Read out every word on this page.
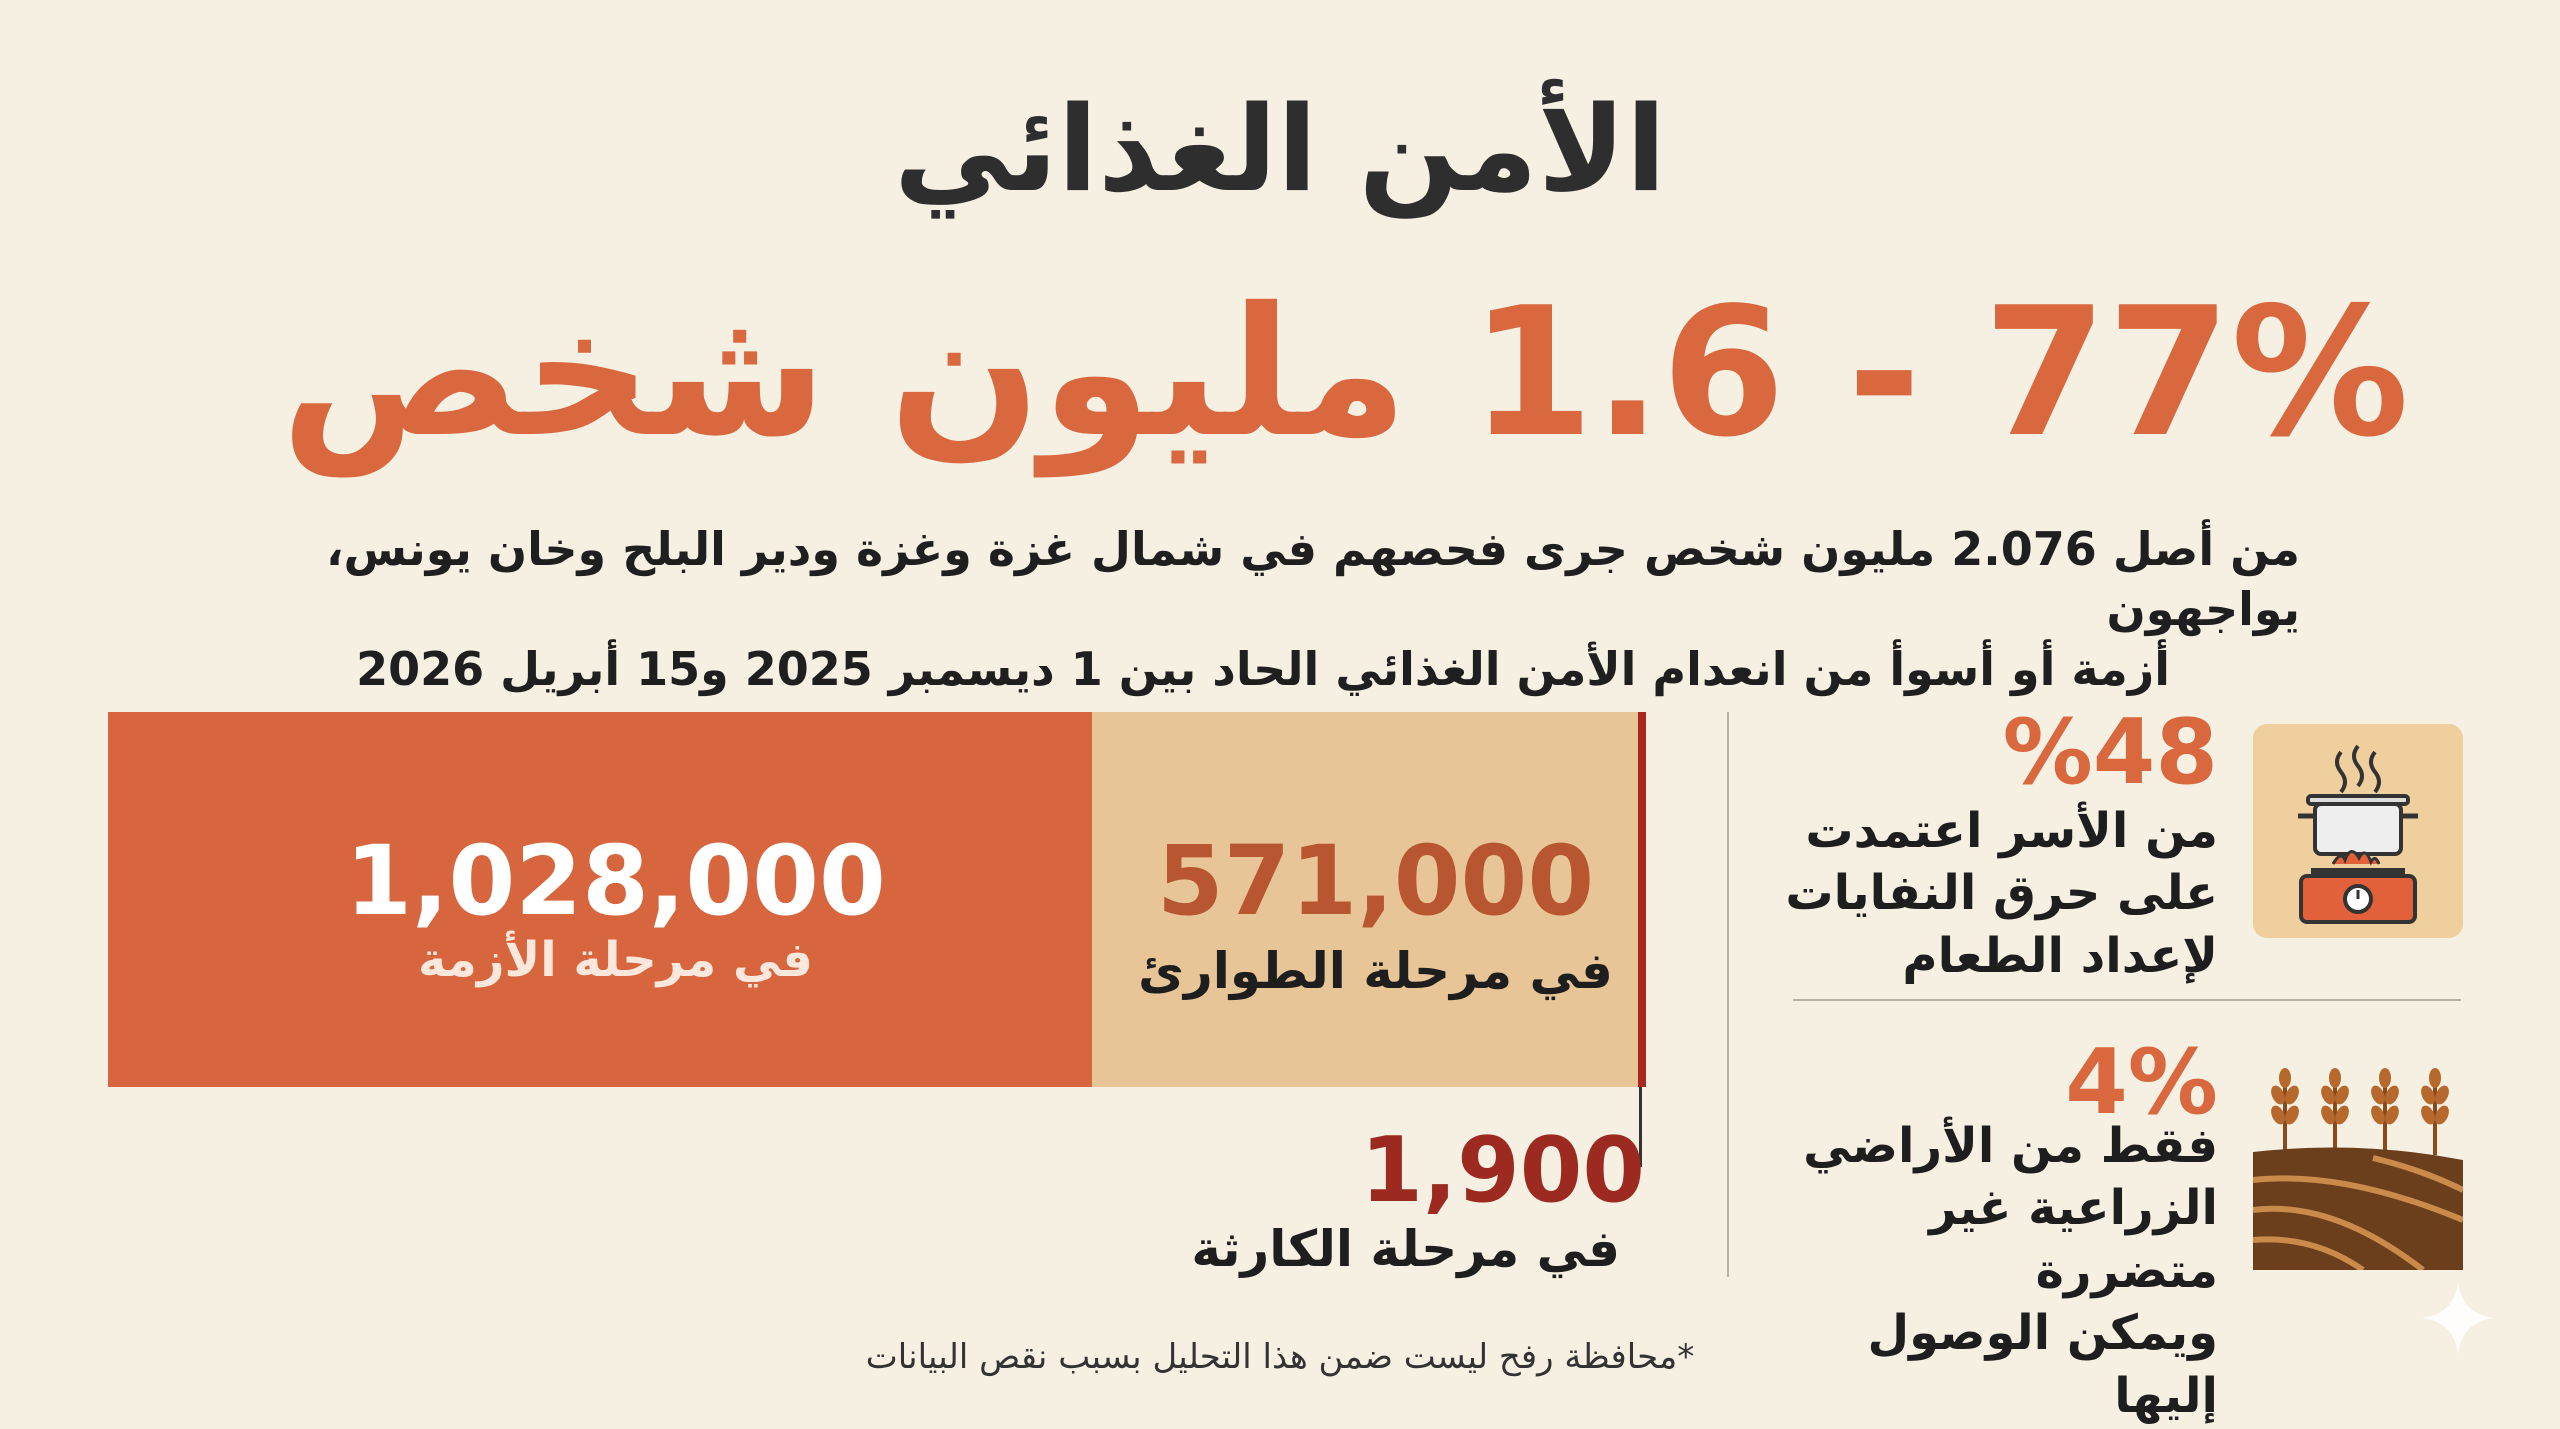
الأمن الغذائي
77% - 1.6 مليون شخص
من أصل 2.076 مليون شخص جرى فحصهم في شمال غزة وغزة ودير البلح وخان يونس، يواجهون
أزمة أو أسوأ من انعدام الأمن الغذائي الحاد بين 1 ديسمبر 2025 و15 أبريل 2026
1,028,000
في مرحلة الأزمة
571,000
في مرحلة الطوارئ
1,900
في مرحلة الكارثة
%48
من الأسر اعتمدت
على حرق النفايات
لإعداد الطعام
4%
فقط من الأراضي
الزراعية غير متضررة
ويمكن الوصول إليها
*محافظة رفح ليست ضمن هذا التحليل بسبب نقص البيانات
